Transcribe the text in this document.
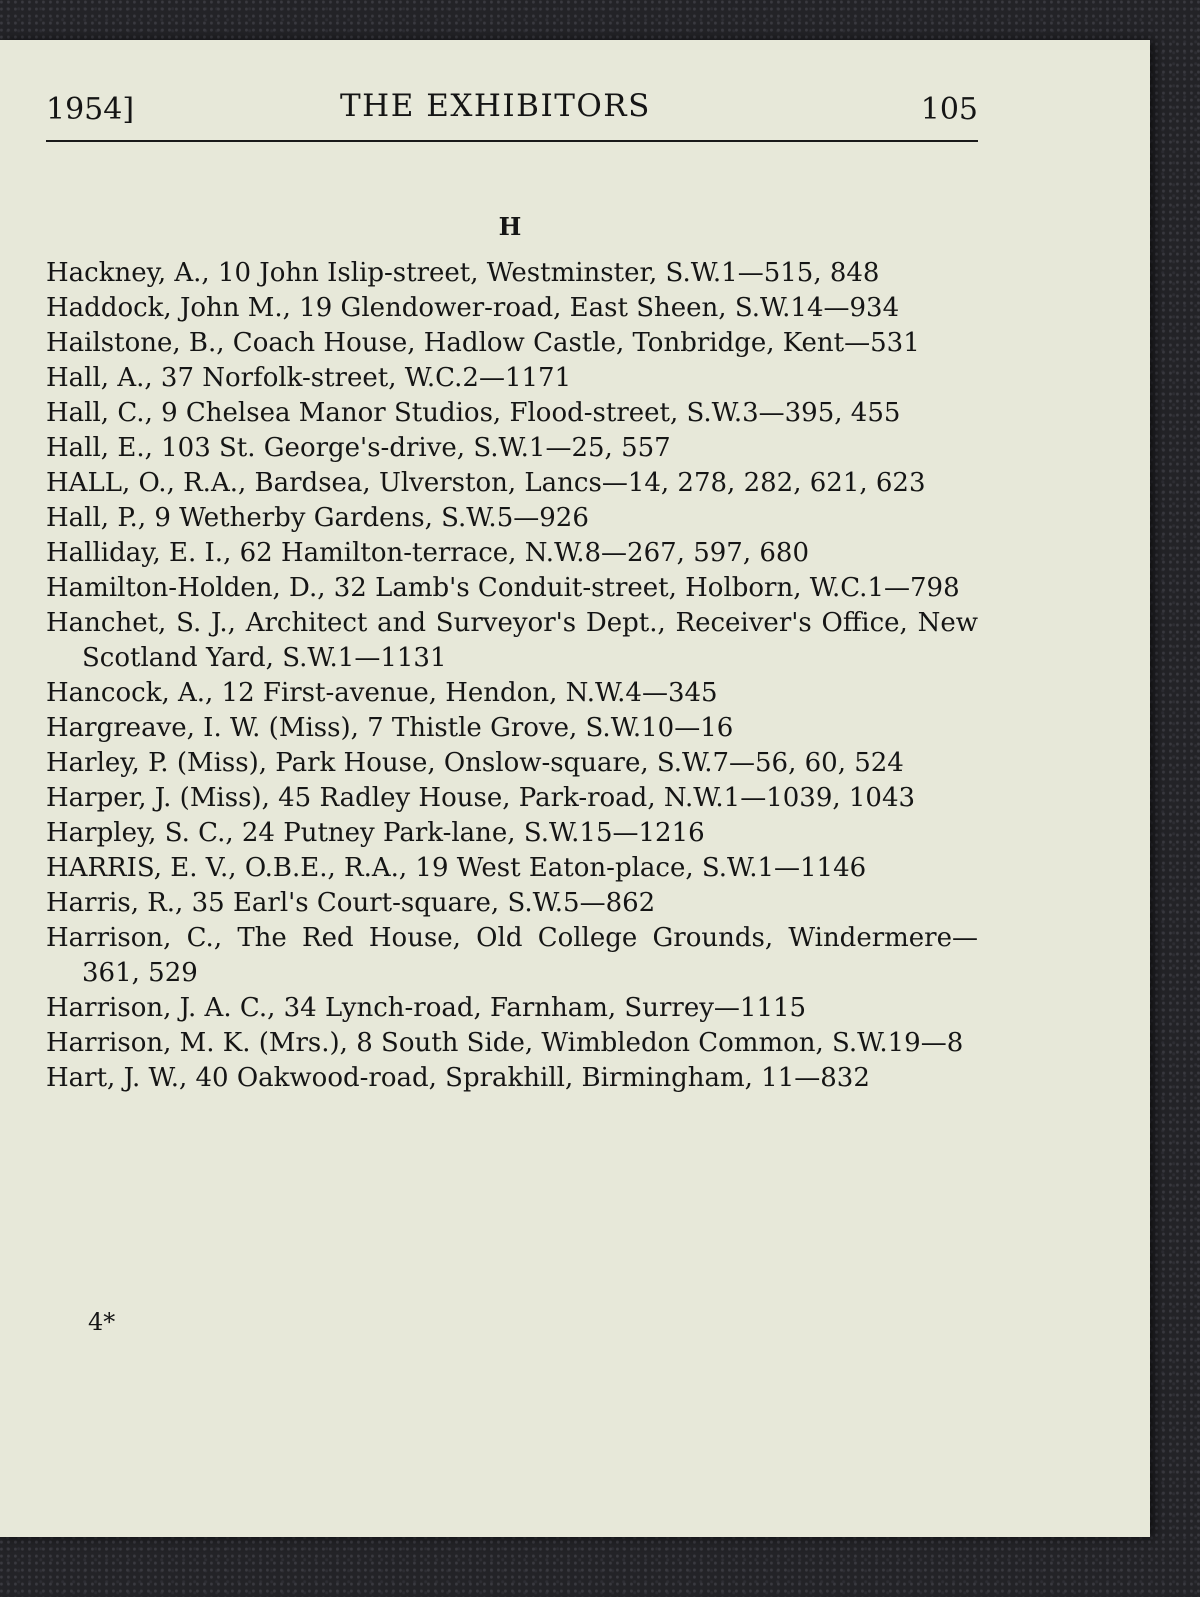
1954]	THE EXHIBITORS	105
H
Hackney, A., 10 John Islip-street, Westminster, S.W.1—515, 848
Haddock, John M., 19 Glendower-road, East Sheen, S.W.14—934
Hailstone, B., Coach House, Hadlow Castle, Tonbridge, Kent—531
Hall, A., 37 Norfolk-street, W.C.2—1171
Hall, C., 9 Chelsea Manor Studios, Flood-street, S.W.3—395, 455
Hall, E., 103 St. George's-drive, S.W.1—25, 557
HALL, O., R.A., Bardsea, Ulverston, Lancs—14, 278, 282, 621, 623
Hall, P., 9 Wetherby Gardens, S.W.5—926
Halliday, E. I., 62 Hamilton-terrace, N.W.8—267, 597, 680
Hamilton-Holden, D., 32 Lamb's Conduit-street, Holborn, W.C.1—798
Hanchet, S. J., Architect and Surveyor's Dept., Receiver's Office, New Scotland Yard, S.W.1—1131
Hancock, A., 12 First-avenue, Hendon, N.W.4—345
Hargreave, I. W. (Miss), 7 Thistle Grove, S.W.10—16
Harley, P. (Miss), Park House, Onslow-square, S.W.7—56, 60, 524
Harper, J. (Miss), 45 Radley House, Park-road, N.W.1—1039, 1043
Harpley, S. C., 24 Putney Park-lane, S.W.15—1216
HARRIS, E. V., O.B.E., R.A., 19 West Eaton-place, S.W.1—1146
Harris, R., 35 Earl's Court-square, S.W.5—862
Harrison, C., The Red House, Old College Grounds, Windermere—361, 529
Harrison, J. A. C., 34 Lynch-road, Farnham, Surrey—1115
Harrison, M. K. (Mrs.), 8 South Side, Wimbledon Common, S.W.19—8
Hart, J. W., 40 Oakwood-road, Sprakhill, Birmingham, 11—832
4*
